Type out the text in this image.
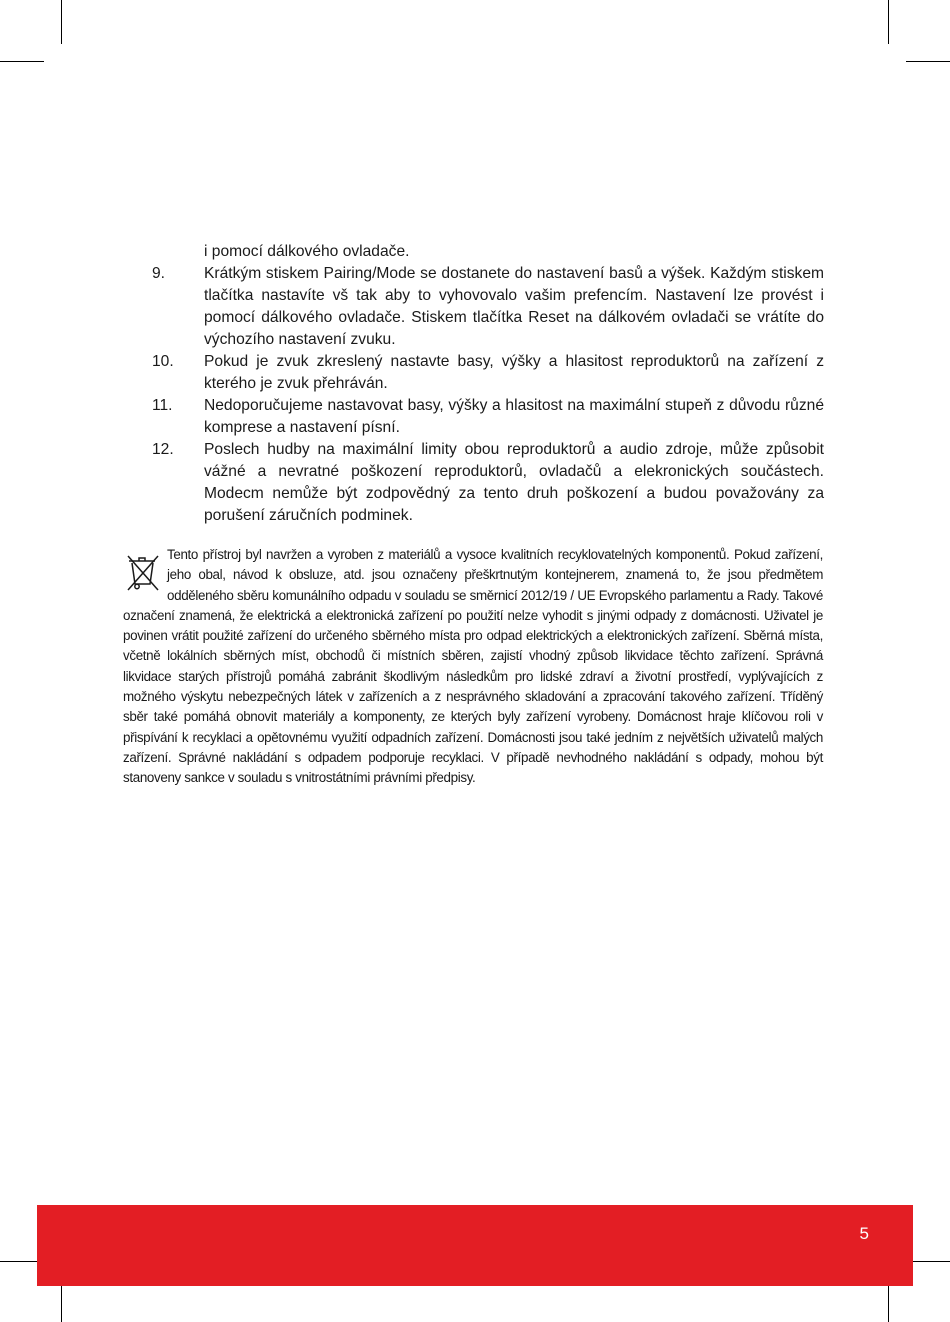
i pomocí dálkového ovladače.
9.	Krátkým stiskem Pairing/Mode se dostanete do nastavení basů a výšek. Každým stiskem tlačítka nastavíte vš tak aby to vyhovovalo vašim prefencím. Nastavení lze provést i pomocí dálkového ovladače. Stiskem tlačítka Reset na dálkovém ovladači se vrátíte do výchozího nastavení zvuku.
10.	Pokud je zvuk zkreslený nastavte basy, výšky a hlasitost reproduktorů na zařízení z kterého je zvuk přehráván.
11.	Nedoporučujeme nastavovat basy, výšky a hlasitost na maximální stupeň z důvodu různé komprese a nastavení písní.
12.	Poslech hudby na maximální limity obou reproduktorů a audio zdroje, může způsobit vážné a nevratné poškození reproduktorů, ovladačů a elekronických součástech. Modecm nemůže být zodpovědný za tento druh poškození a budou považovány za porušení záručních podminek.
Tento přístroj byl navržen a vyroben z materiálů a vysoce kvalitních recyklovatelných komponentů. Pokud zařízení, jeho obal, návod k obsluze, atd. jsou označeny přeškrtnutým kontejnerem, znamená to, že jsou předmětem odděleného sběru komunálního odpadu v souladu se směrnicí 2012/19 / UE Evropského parlamentu a Rady. Takové označení znamená, že elektrická a elektronická zařízení po použití nelze vyhodit s jinými odpady z domácnosti. Uživatel je povinen vrátit použité zařízení do určeného sběrného místa pro odpad elektrických a elektronických zařízení. Sběrná místa, včetně lokálních sběrných míst, obchodů či místních sběren, zajistí vhodný způsob likvidace těchto zařízení. Správná likvidace starých přístrojů pomáhá zabránit škodlivým následkům pro lidské zdraví a životní prostředí, vyplývajících z možného výskytu nebezpečných látek v zařízeních a z nesprávného skladování a zpracování takového zařízení. Tříděný sběr také pomáhá obnovit materiály a komponenty, ze kterých byly zařízení vyrobeny. Domácnost hraje klíčovou roli v přispívání k recyklaci a opětovnému využití odpadních zařízení. Domácnosti jsou také jedním z největších uživatelů malých zařízení. Správné nakládání s odpadem podporuje recyklaci. V případě nevhodného nakládání s odpady, mohou být stanoveny sankce v souladu s vnitrostátními právními předpisy.
5
